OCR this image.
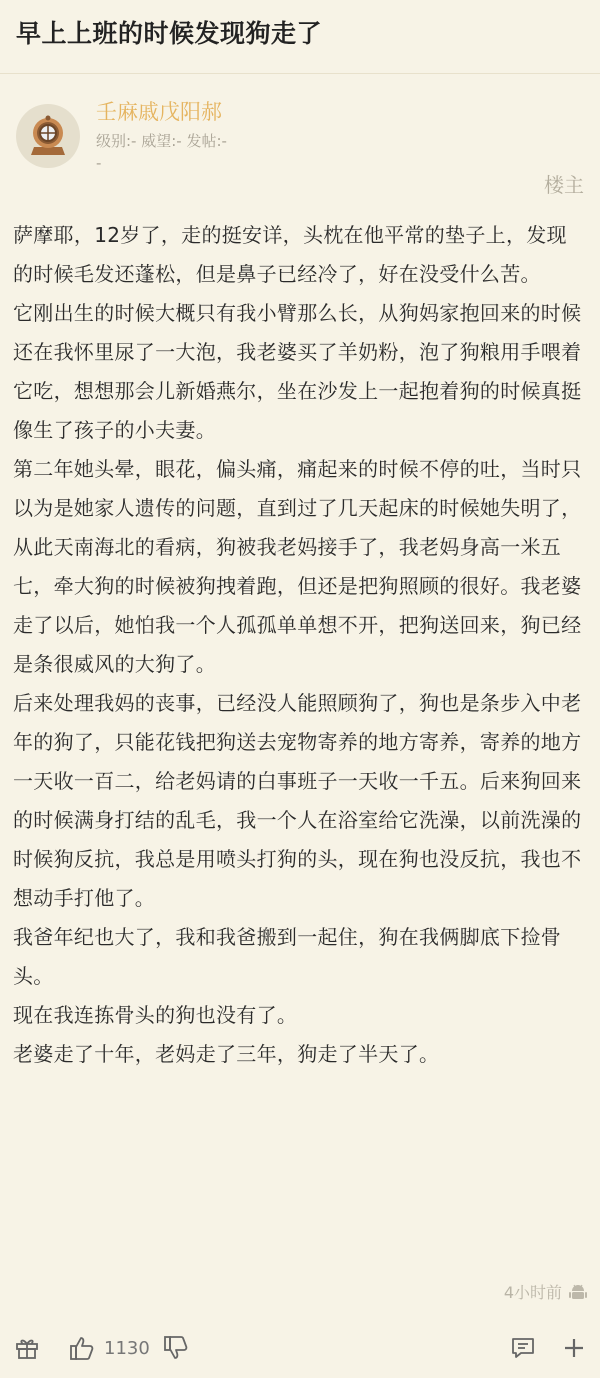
早上上班的时候发现狗走了
壬麻戚戊阳郝
级别:- 威望:- 发帖:-
-
楼主

萨摩耶，12岁了，走的挺安详，头枕在他平常的垫子上，发现的时候毛发还蓬松，但是鼻子已经冷了，好在没受什么苦。

它刚出生的时候大概只有我小臂那么长，从狗妈家抱回来的时候还在我怀里尿了一大泡，我老婆买了羊奶粉，泡了狗粮用手喂着它吃，想想那会儿新婚燕尔，坐在沙发上一起抱着狗的时候真挺像生了孩子的小夫妻。

第二年她头晕，眼花，偏头痛，痛起来的时候不停的吐，当时只以为是她家人遗传的问题，直到过了几天起床的时候她失明了，从此天南海北的看病，狗被我老妈接手了，我老妈身高一米五七，牵大狗的时候被狗拽着跑，但还是把狗照顾的很好。我老婆走了以后，她怕我一个人孤孤单单想不开，把狗送回来，狗已经是条很威风的大狗了。

后来处理我妈的丧事，已经没人能照顾狗了，狗也是条步入中老年的狗了，只能花钱把狗送去宠物寄养的地方寄养，寄养的地方一天收一百二，给老妈请的白事班子一天收一千五。后来狗回来的时候满身打结的乱毛，我一个人在浴室给它洗澡，以前洗澡的时候狗反抗，我总是用喷头打狗的头，现在狗也没反抗，我也不想动手打他了。

我爸年纪也大了，我和我爸搬到一起住，狗在我俩脚底下捡骨头。

现在我连拣骨头的狗也没有了。

老婆走了十年，老妈走了三年，狗走了半天了。

4小时前
1130
